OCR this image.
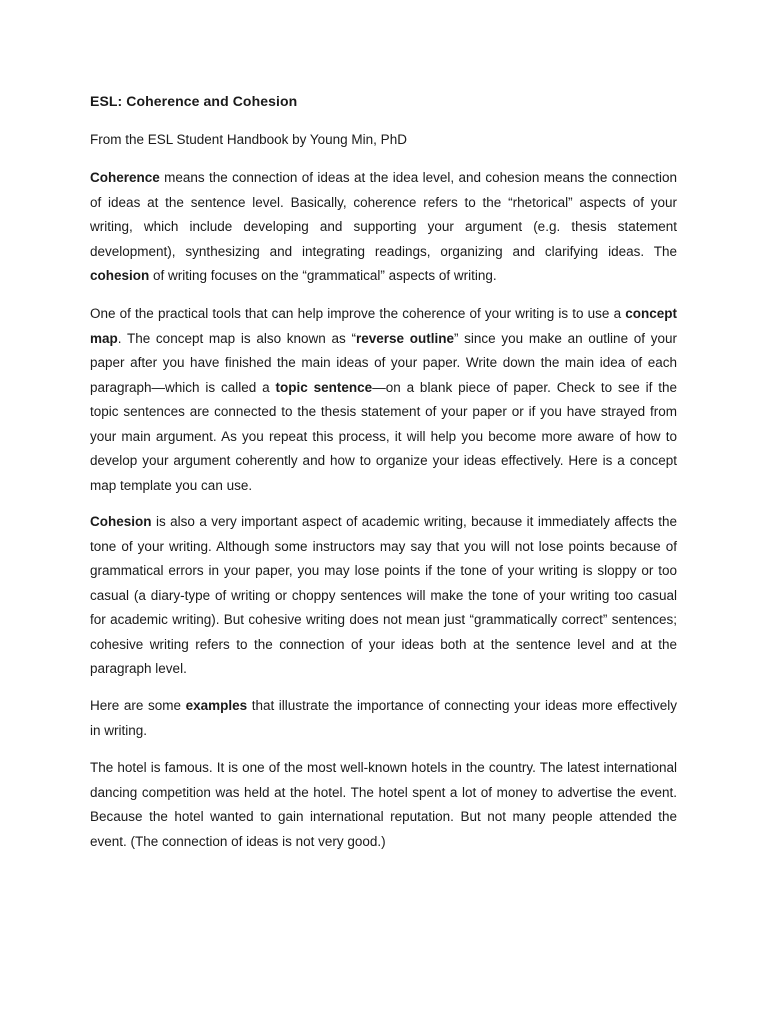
ESL: Coherence and Cohesion

From the ESL Student Handbook by Young Min, PhD

Coherence means the connection of ideas at the idea level, and cohesion means the connection of ideas at the sentence level. Basically, coherence refers to the “rhetorical” aspects of your writing, which include developing and supporting your argument (e.g. thesis statement development), synthesizing and integrating readings, organizing and clarifying ideas. The cohesion of writing focuses on the “grammatical” aspects of writing.

One of the practical tools that can help improve the coherence of your writing is to use a concept map. The concept map is also known as “reverse outline” since you make an outline of your paper after you have finished the main ideas of your paper. Write down the main idea of each paragraph—which is called a topic sentence—on a blank piece of paper. Check to see if the topic sentences are connected to the thesis statement of your paper or if you have strayed from your main argument. As you repeat this process, it will help you become more aware of how to develop your argument coherently and how to organize your ideas effectively. Here is a concept map template you can use.

Cohesion is also a very important aspect of academic writing, because it immediately affects the tone of your writing. Although some instructors may say that you will not lose points because of grammatical errors in your paper, you may lose points if the tone of your writing is sloppy or too casual (a diary-type of writing or choppy sentences will make the tone of your writing too casual for academic writing). But cohesive writing does not mean just “grammatically correct” sentences; cohesive writing refers to the connection of your ideas both at the sentence level and at the paragraph level.

Here are some examples that illustrate the importance of connecting your ideas more effectively in writing.

The hotel is famous. It is one of the most well-known hotels in the country. The latest international dancing competition was held at the hotel. The hotel spent a lot of money to advertise the event. Because the hotel wanted to gain international reputation. But not many people attended the event. (The connection of ideas is not very good.)
